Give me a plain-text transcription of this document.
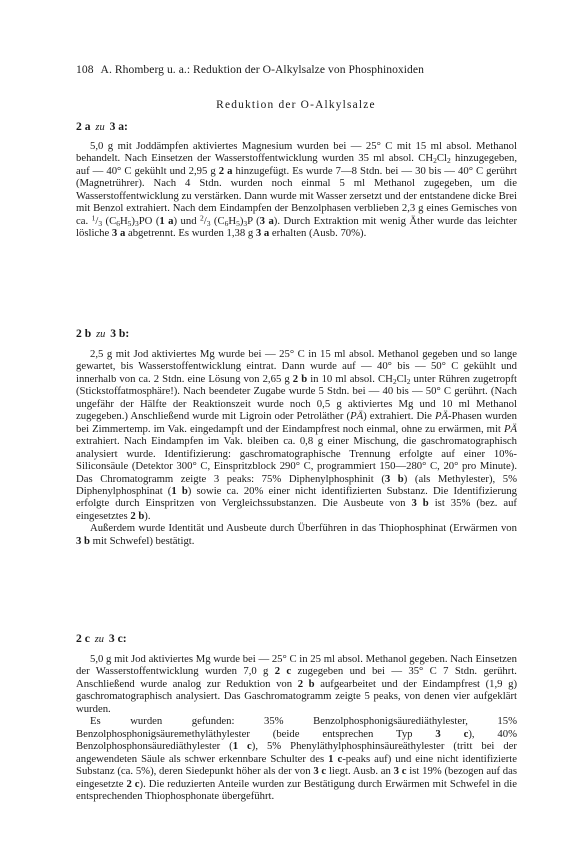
108 A. Rhomberg u. a.: Reduktion der O-Alkylsalze von Phosphinoxiden
Reduktion der O-Alkylsalze
2 a zu 3 a:

5,0 g mit Joddämpfen aktiviertes Magnesium wurden bei — 25° C mit 15 ml absol. Methanol behandelt. Nach Einsetzen der Wasserstoffentwicklung wurden 35 ml absol. $CH_2Cl_2$ hinzugegeben, auf — 40° C gekühlt und 2,95 g 2 a hinzugefügt. Es wurde 7—8 Stdn. bei — 30 bis — 40° C gerührt (Magnetrührer). Nach 4 Stdn. wurden noch einmal 5 ml Methanol zugegeben, um die Wasserstoffentwicklung zu verstärken. Dann wurde mit Wasser zersetzt und der entstandene dicke Brei mit Benzol extrahiert. Nach dem Eindampfen der Benzolphasen verblieben 2,3 g eines Gemisches von ca. $^1/_3$ $(C_6H_5)_3PO$ (1 a) und $^2/_3$ $(C_6H_5)_3P$ (3 a). Durch Extraktion mit wenig Äther wurde das leichter lösliche 3 a abgetrennt. Es wurden 1,38 g 3 a erhalten (Ausb. 70%).

2 b zu 3 b:

2,5 g mit Jod aktiviertes Mg wurde bei — 25° C in 15 ml absol. Methanol gegeben und so lange gewartet, bis Wasserstoffentwicklung eintrat. Dann wurde auf — 40° bis — 50° C gekühlt und innerhalb von ca. 2 Stdn. eine Lösung von 2,65 g 2 b in 10 ml absol. $CH_2Cl_2$ unter Rühren zugetropft (Stickstoffatmosphäre!). Nach beendeter Zugabe wurde 5 Stdn. bei — 40 bis — 50° C gerührt. (Nach ungefähr der Hälfte der Reaktionszeit wurde noch 0,5 g aktiviertes Mg und 10 ml Methanol zugegeben.) Anschließend wurde mit Ligroin oder Petroläther (PÄ) extrahiert. Die PÄ-Phasen wurden bei Zimmertemp. im Vak. eingedampft und der Eindampfrest noch einmal, ohne zu erwärmen, mit PÄ extrahiert. Nach Eindampfen im Vak. bleiben ca. 0,8 g einer Mischung, die gaschromatographisch analysiert wurde. Identifizierung: gaschromatographische Trennung erfolgte auf einer 10%-Siliconsäule (Detektor 300° C, Einspritzblock 290° C, programmiert 150—280° C, 20° pro Minute). Das Chromatogramm zeigte 3 peaks: 75% Diphenylphosphinit (3 b) (als Methylester), 5% Diphenylphosphinat (1 b) sowie ca. 20% einer nicht identifizierten Substanz. Die Identifizierung erfolgte durch Einspritzen von Vergleichssubstanzen. Die Ausbeute von 3 b ist 35% (bez. auf eingesetztes 2 b).

Außerdem wurde Identität und Ausbeute durch Überführen in das Thiophosphinat (Erwärmen von 3 b mit Schwefel) bestätigt.

2 c zu 3 c:

5,0 g mit Jod aktiviertes Mg wurde bei — 25° C in 25 ml absol. Methanol gegeben. Nach Einsetzen der Wasserstoffentwicklung wurden 7,0 g 2 c zugegeben und bei — 35° C 7 Stdn. gerührt. Anschließend wurde analog zur Reduktion von 2 b aufgearbeitet und der Eindampfrest (1,9 g) gaschromatographisch analysiert. Das Gaschromatogramm zeigte 5 peaks, von denen vier aufgeklärt wurden.

Es wurden gefunden: 35% Benzolphosphonigsäurediäthylester, 15% Benzolphosphonigsäuremethyläthylester (beide entsprechen Typ 3 c), 40% Benzolphosphonsäurediäthylester (1 c), 5% Phenyläthylphosphinsäureäthylester (tritt bei der angewendeten Säule als schwer erkennbare Schulter des 1 c-peaks auf) und eine nicht identifizierte Substanz (ca. 5%), deren Siedepunkt höher als der von 3 c liegt. Ausb. an 3 c ist 19% (bezogen auf das eingesetzte 2 c). Die reduzierten Anteile wurden zur Bestätigung durch Erwärmen mit Schwefel in die entsprechenden Thiophosphonate übergeführt.
